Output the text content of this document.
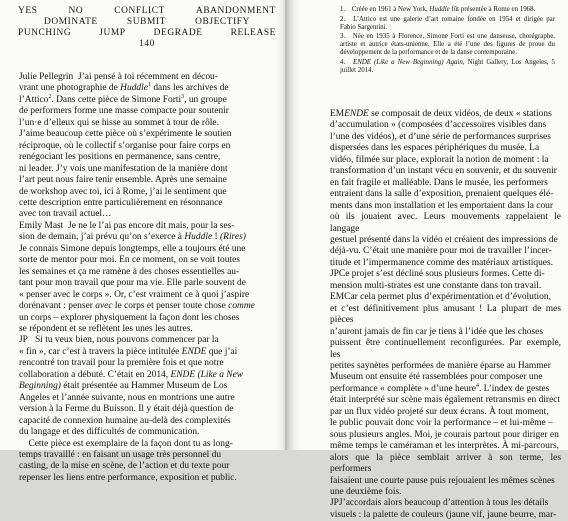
YES	NO	CONFLICT	ABANDONMENT
DOMINATE	SUBMIT	OBJECTIFY
PUNCHING	JUMP	DEGRADE	RELEASE
140

Julie Pellegrin  J’ai pensé à toi récemment en décou-
vrant une photographie de Huddle$^1$ dans les archives de
l’Attico$^2$. Dans cette pièce de Simone Forti$^3$, un groupe
de performers forme une masse compacte pour soutenir
l’un·e d’elleux qui se hisse au sommet à tour de rôle.
J’aime beaucoup cette pièce où s’expérimente le soutien
réciproque, où le collectif s’organise pour faire corps en
renégociant les positions en permanence, sans centre,
ni leader. J’y vois une manifestation de la manière dont
l’art peut nous faire tenir ensemble. Après une semaine
de workshop avec toi, ici à Rome, j’ai le sentiment que
cette description entre particulièrement en résonnance
avec ton travail actuel…

Emily Mast  Je ne le l’ai pas encore dit mais, pour la ses-
sion de demain, j’ai prévu qu’on s’exerce à Huddle ! (Rires)
Je connais Simone depuis longtemps, elle a toujours été une
sorte de mentor pour moi. En ce moment, on se voit toutes
les semaines et ça me ramène à des choses essentielles au-
tant pour mon travail que pour ma vie. Elle parle souvent de
« penser avec le corps ». Or, c’est vraiment ce à quoi j’aspire
dorénavant : penser avec le corps et penser toute chose comme
un corps – explorer physiquement la façon dont les choses
se répondent et se reflètent les unes les autres.

JP Si tu veux bien, nous pouvons commencer par la
« fin », car c’est à travers la pièce intitulée ENDE que j’ai
rencontré ton travail pour la première fois et que notre
collaboration a débuté. C’était en 2014, ENDE (Like a New
Beginning) était présentée au Hammer Museum de Los
Angeles et l’année suivante, nous en montrions une autre
version à la Ferme du Buisson. Il y était déjà question de
capacité de connexion humaine au-delà des complexités
du langage et des difficultés de communication.

Cette pièce est exemplaire de la façon dont tu as long-
temps travaillé : en faisant un usage très personnel du
casting, de la mise en scène, de l’action et du texte pour
repenser les liens entre performance, exposition et public.

1. Créée en 1961 à New York, Huddle fût présentée à Rome en 1968.
2. L’Attico est une galerie d’art romaine fondée en 1954 et dirigée par Fabio Sargentini.
3. Née en 1935 à Florence, Simone Forti est une danseuse, chorégraphe, artiste et autrice états-unienne. Elle a été l’une des figures de proue du développement de la performance et de la danse contemporaine.
4. ENDE (Like a New Beginning) Again, Night Gallery, Los Angeles, 5 juillet 2014.

EMENDE se composait de deux vidéos, de deux « stations
d’accumulation » (composées d’accessoires visibles dans
l’une des vidéos), et d’une série de performances surprises
dispersées dans les espaces périphériques du musée. La
vidéo, filmée sur place, explorait la notion de moment : la
transformation d’un instant vécu en souvenir, et du souvenir
en fait fragile et malléable. Dans le musée, les performers
entraient dans la salle d’exposition, prenaient quelques élé-
ments dans mon installation et les emportaient dans la cour
où ils jouaient avec. Leurs mouvements rappelaient le langage
gestuel présenté dans la vidéo et créaient des impressions de
déjà-vu. C’était une manière pour moi de travailler l’incer-
titude et l’impermanence comme des matériaux artistiques.

JPCe projet s’est décliné sous plusieurs formes. Cette di-
mension multi-strates est une constante dans ton travail.

EMCar cela permet plus d’expérimentation et d’évolution,
et c’est définitivement plus amusant ! La plupart de mes pièces
n’auront jamais de fin car je tiens à l’idée que les choses
puissent être continuellement reconfigurées. Par exemple, les
petites saynètes performées de manière éparse au Hammer
Museum ont ensuite été rassemblées pour composer une
performance « complète » d’une heure$^4$. L’index de gestes
était interprété sur scène mais également retransmis en direct
par un flux vidéo projeté sur deux écrans. À tout moment,
le public pouvait donc voir la performance – et lui-même –
sous plusieurs angles. Moi, je courais partout pour diriger en
même temps le caméraman et les interprètes. À mi-parcours,
alors que la pièce semblait arriver à son terme, les performers
faisaient une courte pause puis rejouaient les mêmes scènes
une deuxième fois.

JPJ’accordais alors beaucoup d’attention à tous les détails
visuels : la palette de couleurs (jaune vif, jaune beurre, mar-
